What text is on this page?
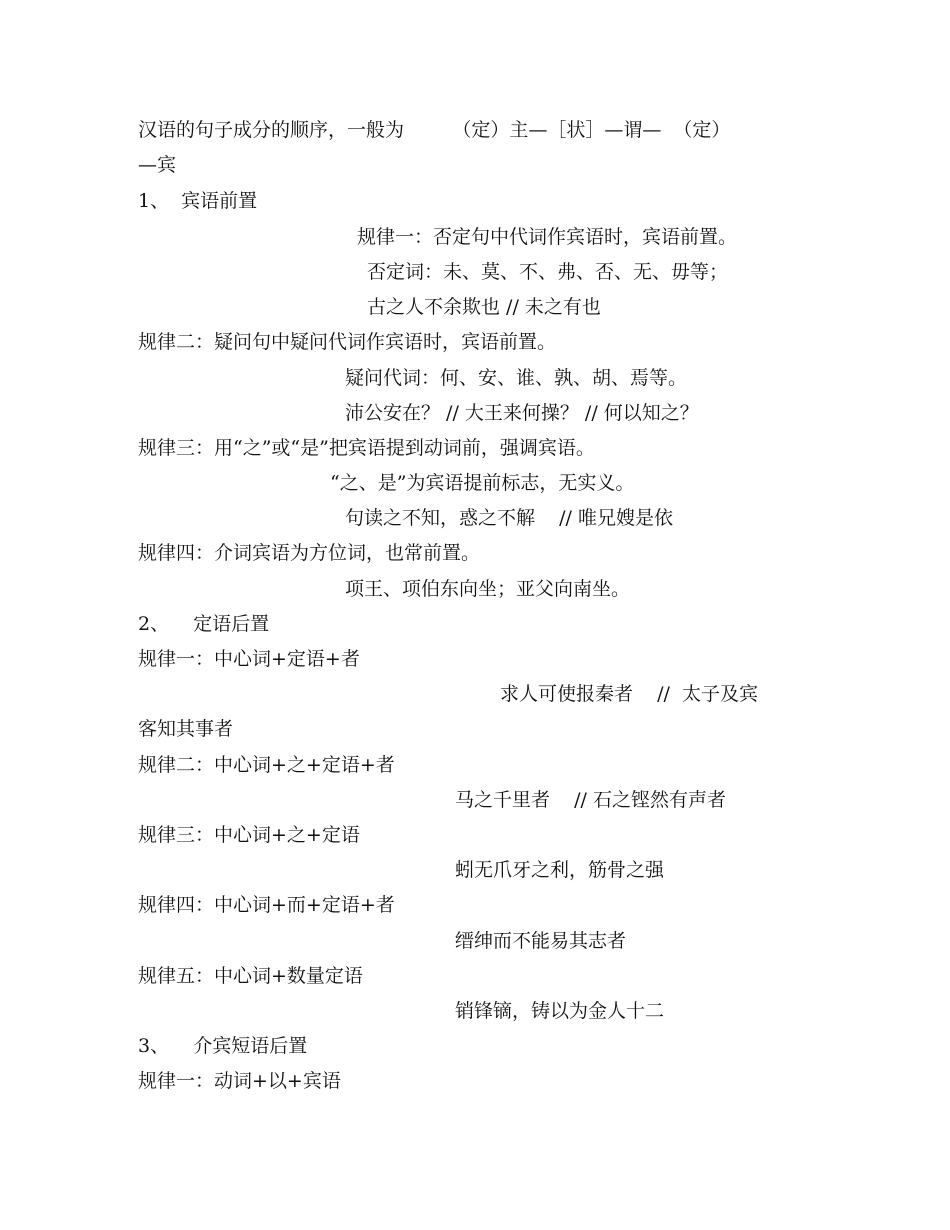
汉语的句子成分的顺序，一般为        （定）主—［状］—谓—  （定）
—宾
1、  宾语前置
规律一：否定句中代词作宾语时，宾语前置。
否定词：未、莫、不、弗、否、无、毋等；
古之人不余欺也 // 未之有也
规律二：疑问句中疑问代词作宾语时，宾语前置。
疑问代词：何、安、谁、孰、胡、焉等。
沛公安在？ // 大王来何操？ // 何以知之？
规律三：用“之”或“是”把宾语提到动词前，强调宾语。
“之、是”为宾语提前标志，无实义。
句读之不知，惑之不解    // 唯兄嫂是依
规律四：介词宾语为方位词，也常前置。
项王、项伯东向坐；亚父向南坐。
2、    定语后置
规律一：中心词+定语+者
求人可使报秦者    //  太子及宾
客知其事者
规律二：中心词+之+定语+者
马之千里者    // 石之铿然有声者
规律三：中心词+之+定语
蚓无爪牙之利，筋骨之强
规律四：中心词+而+定语+者
缙绅而不能易其志者
规律五：中心词+数量定语
销锋镝，铸以为金人十二
3、    介宾短语后置
规律一：动词+以+宾语
